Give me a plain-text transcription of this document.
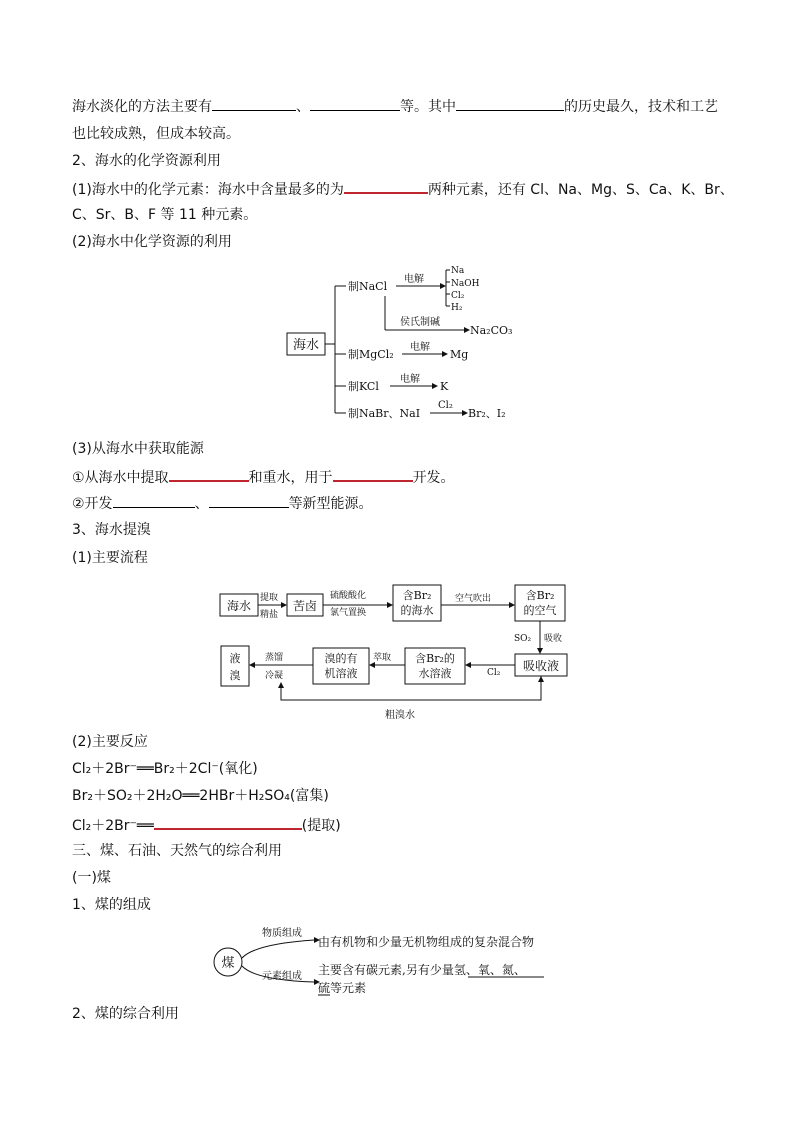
海水淡化的方法主要有	、	等。其中	的历史最久，技术和工艺
也比较成熟，但成本较高。
2、海水的化学资源利用
(1)海水中的化学元素：海水中含量最多的为	两种元素，还有 Cl、Na、Mg、S、Ca、K、Br、
C、Sr、B、F 等 11 种元素。
(2)海水中化学资源的利用
海水
制NaCl
电解
Na
NaOH
Cl₂
H₂
侯氏制碱
Na₂CO₃
制MgCl₂
电解
Mg
制KCl
电解
K
制NaBr、NaI
Cl₂
Br₂、I₂
(3)从海水中获取能源
①从海水中提取	和重水，用于	开发。
②开发	、	等新型能源。
3、海水提溴
(1)主要流程
海水
提取
精盐
苦卤
硫酸酸化
氯气置换
含Br₂
的海水
空气吹出	含Br₂
的空气
SO₂ 吸收
吸收液
Cl₂
含Br₂的
水溶液
萃取
溴的有
机溶液
蒸馏
冷凝
液
溴
粗溴水
(2)主要反应
Cl₂＋2Br⁻══Br₂＋2Cl⁻(氧化)
Br₂＋SO₂＋2H₂O══2HBr＋H₂SO₄(富集)
Cl₂＋2Br⁻══	(提取)
三、煤、石油、天然气的综合利用
(一)煤
1、煤的组成
煤
物质组成
由有机物和少量无机物组成的复杂混合物
元素组成 主要含有碳元素,另有少量氢、氧、氮、
硫等元素
2、煤的综合利用
